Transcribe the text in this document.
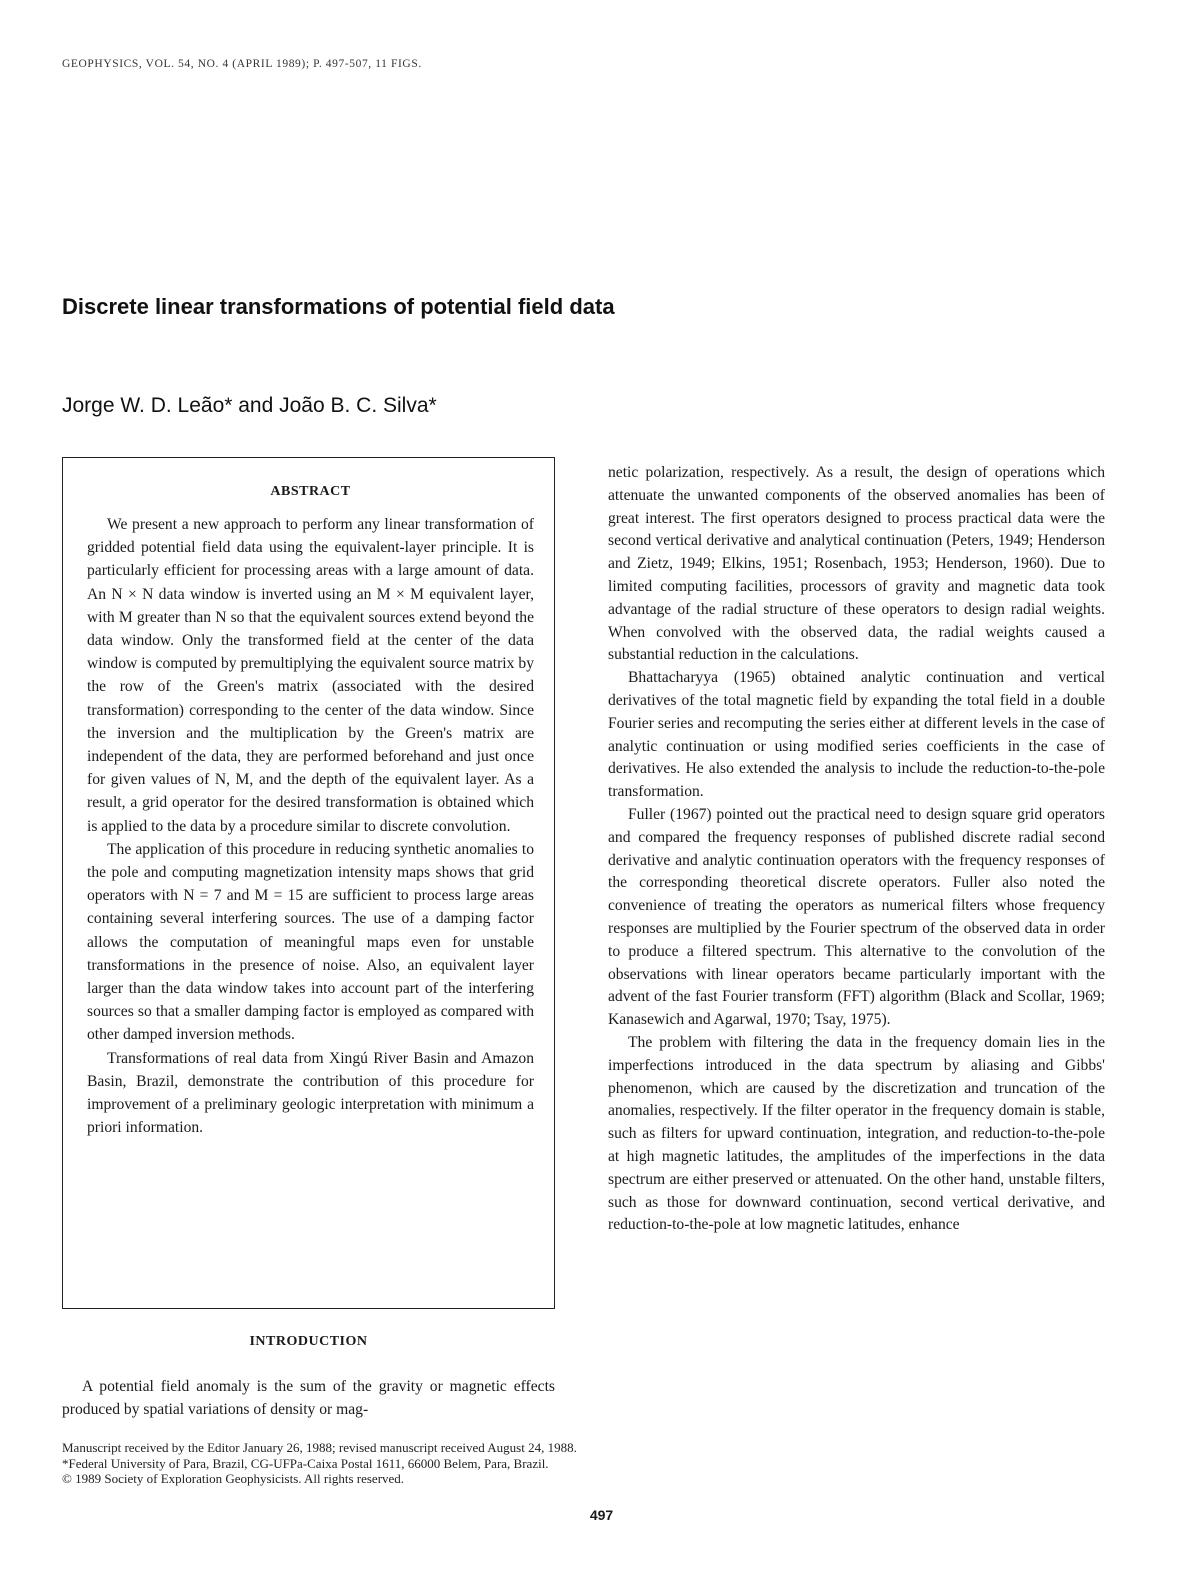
GEOPHYSICS, VOL. 54, NO. 4 (APRIL 1989); P. 497-507, 11 FIGS.
Discrete linear transformations of potential field data
Jorge W. D. Leão* and João B. C. Silva*
ABSTRACT

We present a new approach to perform any linear transformation of gridded potential field data using the equivalent-layer principle. It is particularly efficient for processing areas with a large amount of data. An N × N data window is inverted using an M × M equivalent layer, with M greater than N so that the equivalent sources extend beyond the data window. Only the transformed field at the center of the data window is computed by premultiplying the equivalent source matrix by the row of the Green's matrix (associated with the desired transformation) corresponding to the center of the data window. Since the inversion and the multiplication by the Green's matrix are independent of the data, they are performed beforehand and just once for given values of N, M, and the depth of the equivalent layer. As a result, a grid operator for the desired transformation is obtained which is applied to the data by a procedure similar to discrete convolution.

The application of this procedure in reducing synthetic anomalies to the pole and computing magnetization intensity maps shows that grid operators with N = 7 and M = 15 are sufficient to process large areas containing several interfering sources. The use of a damping factor allows the computation of meaningful maps even for unstable transformations in the presence of noise. Also, an equivalent layer larger than the data window takes into account part of the interfering sources so that a smaller damping factor is employed as compared with other damped inversion methods.

Transformations of real data from Xingú River Basin and Amazon Basin, Brazil, demonstrate the contribution of this procedure for improvement of a preliminary geologic interpretation with minimum a priori information.

INTRODUCTION

A potential field anomaly is the sum of the gravity or magnetic effects produced by spatial variations of density or mag-

netic polarization, respectively. As a result, the design of operations which attenuate the unwanted components of the observed anomalies has been of great interest. The first operators designed to process practical data were the second vertical derivative and analytical continuation (Peters, 1949; Henderson and Zietz, 1949; Elkins, 1951; Rosenbach, 1953; Henderson, 1960). Due to limited computing facilities, processors of gravity and magnetic data took advantage of the radial structure of these operators to design radial weights. When convolved with the observed data, the radial weights caused a substantial reduction in the calculations.

Bhattacharyya (1965) obtained analytic continuation and vertical derivatives of the total magnetic field by expanding the total field in a double Fourier series and recomputing the series either at different levels in the case of analytic continuation or using modified series coefficients in the case of derivatives. He also extended the analysis to include the reduction-to-the-pole transformation.

Fuller (1967) pointed out the practical need to design square grid operators and compared the frequency responses of published discrete radial second derivative and analytic continuation operators with the frequency responses of the corresponding theoretical discrete operators. Fuller also noted the convenience of treating the operators as numerical filters whose frequency responses are multiplied by the Fourier spectrum of the observed data in order to produce a filtered spectrum. This alternative to the convolution of the observations with linear operators became particularly important with the advent of the fast Fourier transform (FFT) algorithm (Black and Scollar, 1969; Kanasewich and Agarwal, 1970; Tsay, 1975).

The problem with filtering the data in the frequency domain lies in the imperfections introduced in the data spectrum by aliasing and Gibbs' phenomenon, which are caused by the discretization and truncation of the anomalies, respectively. If the filter operator in the frequency domain is stable, such as filters for upward continuation, integration, and reduction-to-the-pole at high magnetic latitudes, the amplitudes of the imperfections in the data spectrum are either preserved or attenuated. On the other hand, unstable filters, such as those for downward continuation, second vertical derivative, and reduction-to-the-pole at low magnetic latitudes, enhance

Manuscript received by the Editor January 26, 1988; revised manuscript received August 24, 1988.
*Federal University of Para, Brazil, CG-UFPa-Caixa Postal 1611, 66000 Belem, Para, Brazil.
© 1989 Society of Exploration Geophysicists. All rights reserved.
497
